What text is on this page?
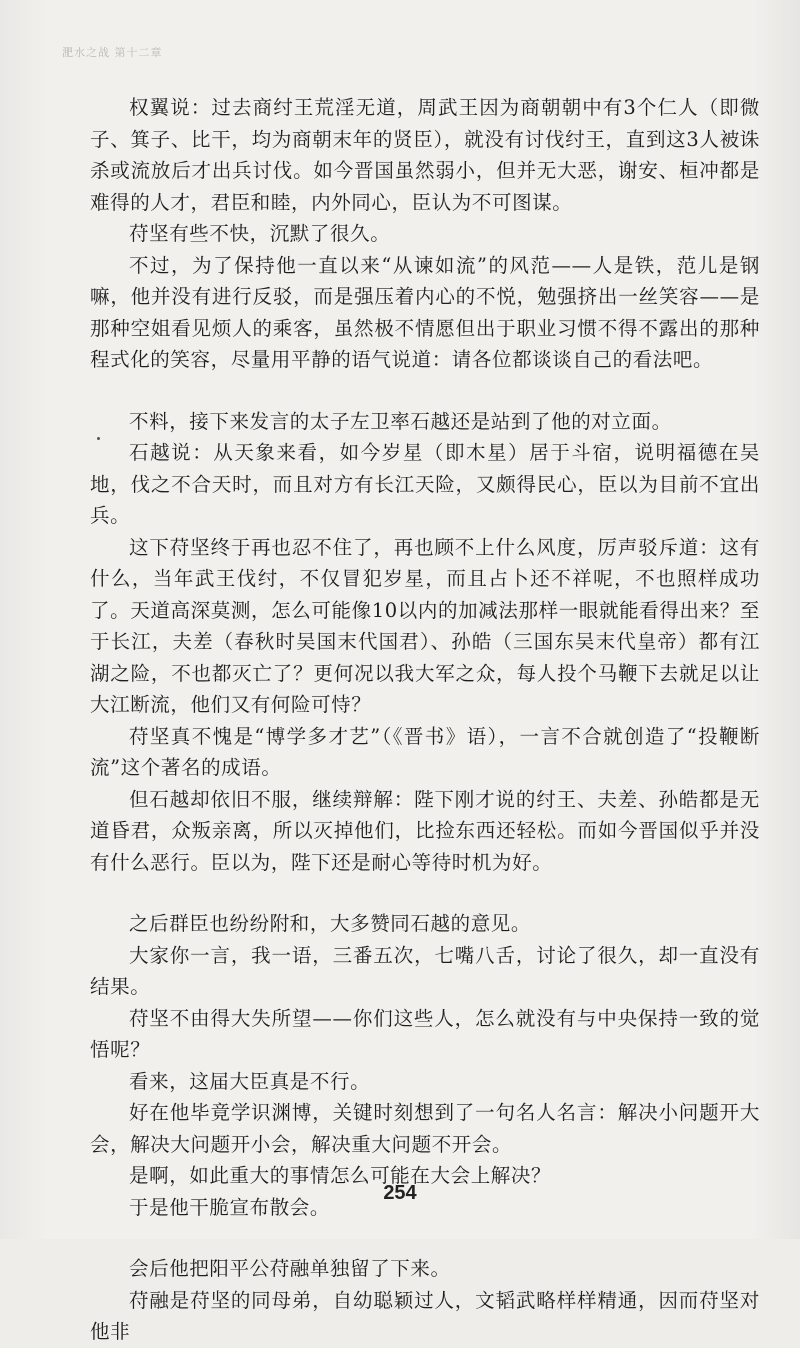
淝水之战 第十二章

权翼说：过去商纣王荒淫无道，周武王因为商朝朝中有3个仁人（即微子、箕子、比干，均为商朝末年的贤臣），就没有讨伐纣王，直到这3人被诛杀或流放后才出兵讨伐。如今晋国虽然弱小，但并无大恶，谢安、桓冲都是难得的人才，君臣和睦，内外同心，臣认为不可图谋。

苻坚有些不快，沉默了很久。

不过，为了保持他一直以来“从谏如流”的风范——人是铁，范儿是钢嘛，他并没有进行反驳，而是强压着内心的不悦，勉强挤出一丝笑容——是那种空姐看见烦人的乘客，虽然极不情愿但出于职业习惯不得不露出的那种程式化的笑容，尽量用平静的语气说道：请各位都谈谈自己的看法吧。

不料，接下来发言的太子左卫率石越还是站到了他的对立面。

石越说：从天象来看，如今岁星（即木星）居于斗宿，说明福德在吴地，伐之不合天时，而且对方有长江天险，又颇得民心，臣以为目前不宜出兵。

这下苻坚终于再也忍不住了，再也顾不上什么风度，厉声驳斥道：这有什么，当年武王伐纣，不仅冒犯岁星，而且占卜还不祥呢，不也照样成功了。天道高深莫测，怎么可能像10以内的加减法那样一眼就能看得出来？至于长江，夫差（春秋时吴国末代国君）、孙皓（三国东吴末代皇帝）都有江湖之险，不也都灭亡了？更何况以我大军之众，每人投个马鞭下去就足以让大江断流，他们又有何险可恃？

苻坚真不愧是“博学多才艺”（《晋书》语），一言不合就创造了“投鞭断流”这个著名的成语。

但石越却依旧不服，继续辩解：陛下刚才说的纣王、夫差、孙皓都是无道昏君，众叛亲离，所以灭掉他们，比捡东西还轻松。而如今晋国似乎并没有什么恶行。臣以为，陛下还是耐心等待时机为好。

之后群臣也纷纷附和，大多赞同石越的意见。

大家你一言，我一语，三番五次，七嘴八舌，讨论了很久，却一直没有结果。

苻坚不由得大失所望——你们这些人，怎么就没有与中央保持一致的觉悟呢？

看来，这届大臣真是不行。

好在他毕竟学识渊博，关键时刻想到了一句名人名言：解决小问题开大会，解决大问题开小会，解决重大问题不开会。

是啊，如此重大的事情怎么可能在大会上解决？

于是他干脆宣布散会。

会后他把阳平公苻融单独留了下来。

苻融是苻坚的同母弟，自幼聪颖过人，文韬武略样样精通，因而苻坚对他非

254
